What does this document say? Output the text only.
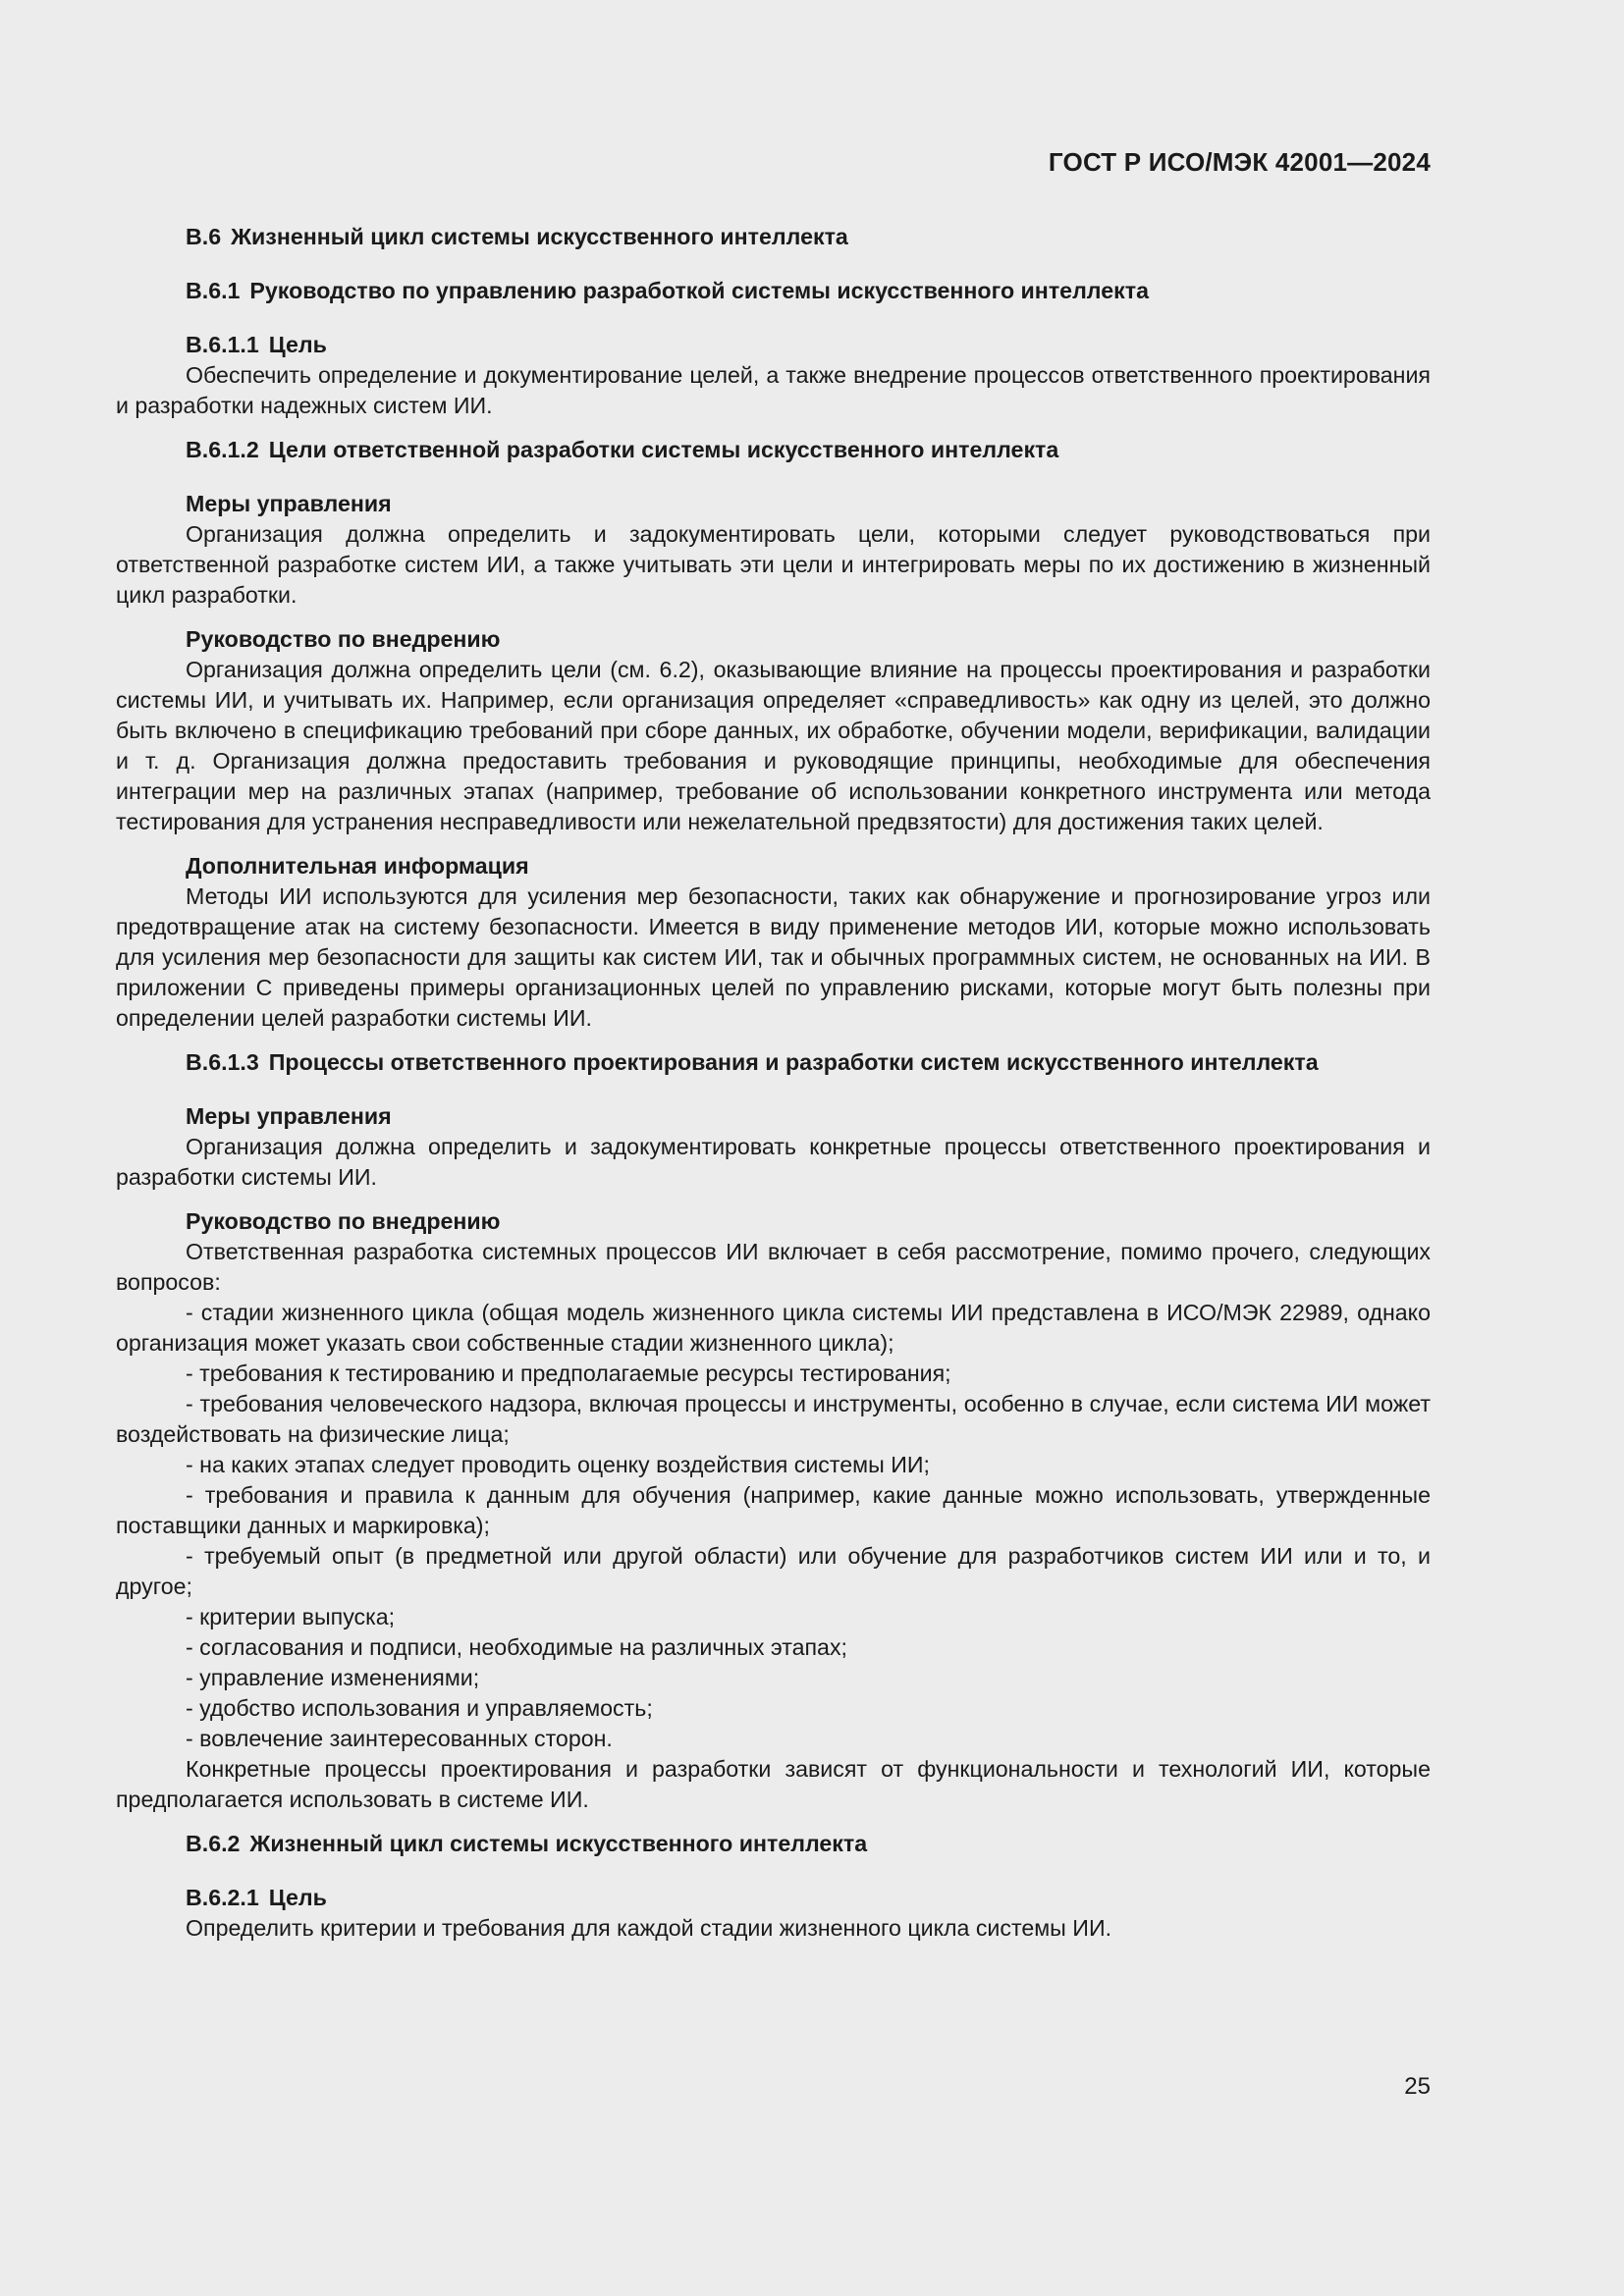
ГОСТ Р ИСО/МЭК 42001—2024

В.6 Жизненный цикл системы искусственного интеллекта

В.6.1 Руководство по управлению разработкой системы искусственного интеллекта

В.6.1.1 Цель

Обеспечить определение и документирование целей, а также внедрение процессов ответственного проектирования и разработки надежных систем ИИ.

В.6.1.2 Цели ответственной разработки системы искусственного интеллекта

Меры управления

Организация должна определить и задокументировать цели, которыми следует руководствоваться при ответственной разработке систем ИИ, а также учитывать эти цели и интегрировать меры по их достижению в жизненный цикл разработки.

Руководство по внедрению

Организация должна определить цели (см. 6.2), оказывающие влияние на процессы проектирования и разработки системы ИИ, и учитывать их. Например, если организация определяет «справедливость» как одну из целей, это должно быть включено в спецификацию требований при сборе данных, их обработке, обучении модели, верификации, валидации и т. д. Организация должна предоставить требования и руководящие принципы, необходимые для обеспечения интеграции мер на различных этапах (например, требование об использовании конкретного инструмента или метода тестирования для устранения несправедливости или нежелательной предвзятости) для достижения таких целей.

Дополнительная информация

Методы ИИ используются для усиления мер безопасности, таких как обнаружение и прогнозирование угроз или предотвращение атак на систему безопасности. Имеется в виду применение методов ИИ, которые можно использовать для усиления мер безопасности для защиты как систем ИИ, так и обычных программных систем, не основанных на ИИ. В приложении С приведены примеры организационных целей по управлению рисками, которые могут быть полезны при определении целей разработки системы ИИ.

В.6.1.3 Процессы ответственного проектирования и разработки систем искусственного интеллекта

Меры управления

Организация должна определить и задокументировать конкретные процессы ответственного проектирования и разработки системы ИИ.

Руководство по внедрению

Ответственная разработка системных процессов ИИ включает в себя рассмотрение, помимо прочего, следующих вопросов:

- стадии жизненного цикла (общая модель жизненного цикла системы ИИ представлена в ИСО/МЭК 22989, однако организация может указать свои собственные стадии жизненного цикла);

- требования к тестированию и предполагаемые ресурсы тестирования;

- требования человеческого надзора, включая процессы и инструменты, особенно в случае, если система ИИ может воздействовать на физические лица;

- на каких этапах следует проводить оценку воздействия системы ИИ;

- требования и правила к данным для обучения (например, какие данные можно использовать, утвержденные поставщики данных и маркировка);

- требуемый опыт (в предметной или другой области) или обучение для разработчиков систем ИИ или и то, и другое;

- критерии выпуска;

- согласования и подписи, необходимые на различных этапах;

- управление изменениями;

- удобство использования и управляемость;

- вовлечение заинтересованных сторон.

Конкретные процессы проектирования и разработки зависят от функциональности и технологий ИИ, которые предполагается использовать в системе ИИ.

В.6.2 Жизненный цикл системы искусственного интеллекта

В.6.2.1 Цель

Определить критерии и требования для каждой стадии жизненного цикла системы ИИ.

25
